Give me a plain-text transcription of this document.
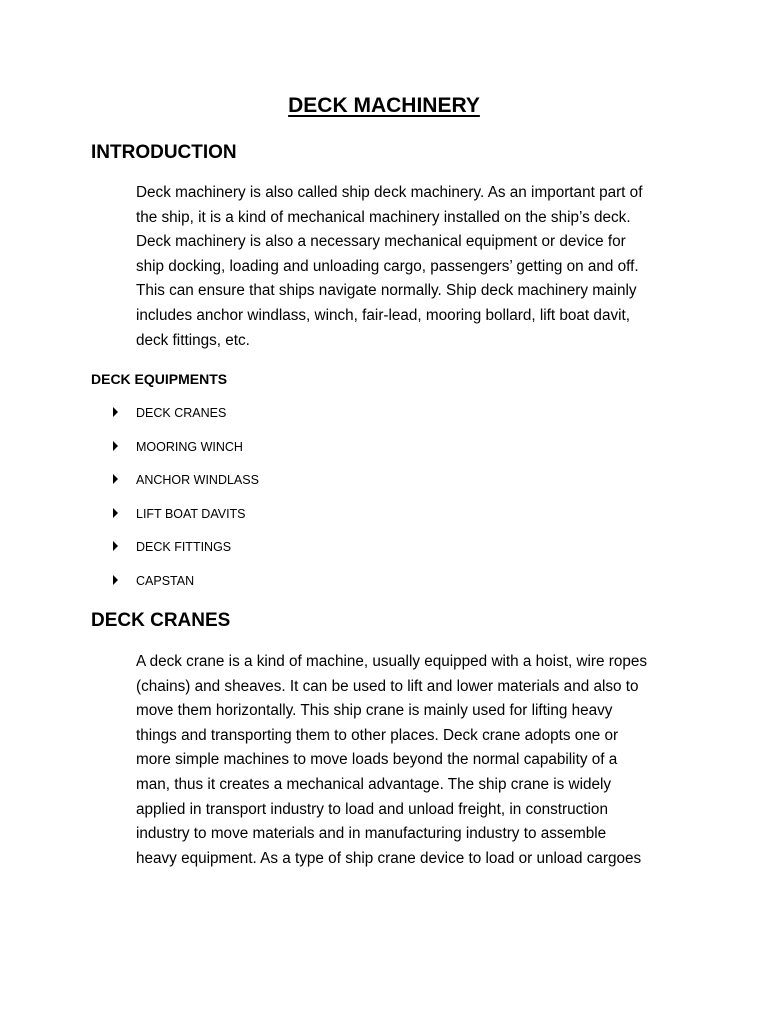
DECK MACHINERY
INTRODUCTION

Deck machinery is also called ship deck machinery. As an important part of
the ship, it is a kind of mechanical machinery installed on the ship’s deck.
Deck machinery is also a necessary mechanical equipment or device for
ship docking, loading and unloading cargo, passengers’ getting on and off.
This can ensure that ships navigate normally. Ship deck machinery mainly
includes anchor windlass, winch, fair-lead, mooring bollard, lift boat davit,
deck fittings, etc.

DECK EQUIPMENTS
DECK CRANES
MOORING WINCH
ANCHOR WINDLASS
LIFT BOAT DAVITS
DECK FITTINGS
CAPSTAN
DECK CRANES

A deck crane is a kind of machine, usually equipped with a hoist, wire ropes
(chains) and sheaves. It can be used to lift and lower materials and also to
move them horizontally. This ship crane is mainly used for lifting heavy
things and transporting them to other places. Deck crane adopts one or
more simple machines to move loads beyond the normal capability of a
man, thus it creates a mechanical advantage. The ship crane is widely
applied in transport industry to load and unload freight, in construction
industry to move materials and in manufacturing industry to assemble
heavy equipment. As a type of ship crane device to load or unload cargoes
